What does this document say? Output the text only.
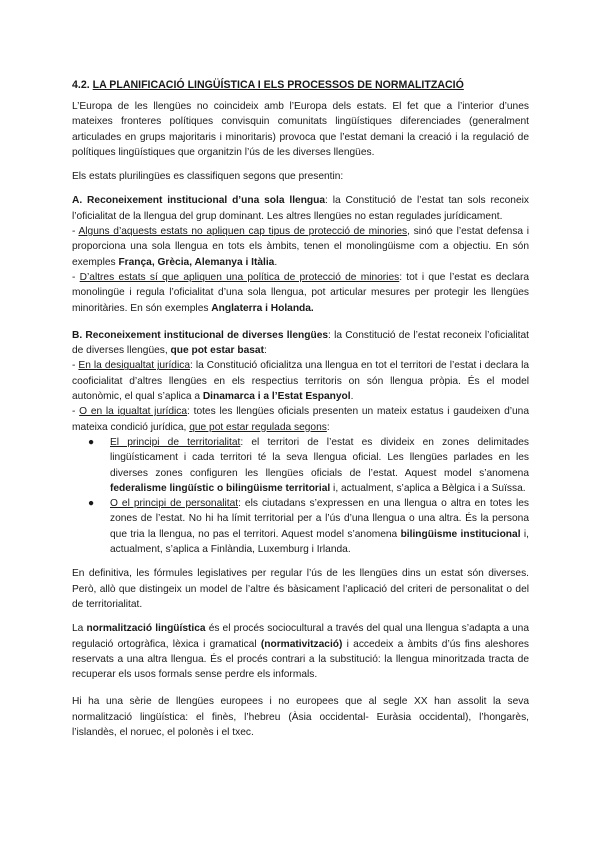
4.2. LA PLANIFICACIÓ LINGÜÍSTICA I ELS PROCESSOS DE NORMALITZACIÓ

L’Europa de les llengües no coincideix amb l’Europa dels estats. El fet que a l’interior d’unes mateixes fronteres polítiques convisquin comunitats lingüístiques diferenciades (generalment articulades en grups majoritaris i minoritaris) provoca que l’estat demani la creació i la regulació de polítiques lingüístiques que organitzin l’ús de les diverses llengües.

Els estats plurilingües es classifiquen segons que presentin:

A. Reconeixement institucional d’una sola llengua: la Constitució de l’estat tan sols reconeix l’oficialitat de la llengua del grup dominant. Les altres llengües no estan regulades jurídicament.

- Alguns d’aquests estats no apliquen cap tipus de protecció de minories, sinó que l’estat defensa i proporciona una sola llengua en tots els àmbits, tenen el monolingüisme com a objectiu. En són exemples França, Grècia, Alemanya i Itàlia.

- D’altres estats sí que apliquen una política de protecció de minories: tot i que l’estat es declara monolingüe i regula l’oficialitat d’una sola llengua, pot articular mesures per protegir les llengües minoritàries. En són exemples Anglaterra i Holanda.

B. Reconeixement institucional de diverses llengües: la Constitució de l’estat reconeix l’oficialitat de diverses llengües, que pot estar basat:

- En la desigualtat jurídica: la Constitució oficialitza una llengua en tot el territori de l’estat i declara la cooficialitat d’altres llengües en els respectius territoris on són llengua pròpia. És el model autonòmic, el qual s’aplica a Dinamarca i a l’Estat Espanyol.

- O en la igualtat jurídica: totes les llengües oficials presenten un mateix estatus i gaudeixen d’una mateixa condició jurídica, que pot estar regulada segons:

● El principi de territorialitat: el territori de l’estat es divideix en zones delimitades lingüísticament i cada territori té la seva llengua oficial. Les llengües parlades en les diverses zones configuren les llengües oficials de l’estat. Aquest model s’anomena federalisme lingüístic o bilingüisme territorial i, actualment, s’aplica a Bèlgica i a Suïssa.
● O el principi de personalitat: els ciutadans s’expressen en una llengua o altra en totes les zones de l’estat. No hi ha límit territorial per a l’ús d’una llengua o una altra. És la persona que tria la llengua, no pas el territori. Aquest model s’anomena bilingüisme institucional i, actualment, s’aplica a Finlàndia, Luxemburg i Irlanda.

En definitiva, les fórmules legislatives per regular l’ús de les llengües dins un estat són diverses. Però, allò que distingeix un model de l’altre és bàsicament l’aplicació del criteri de personalitat o del de territorialitat.

La normalització lingüística és el procés sociocultural a través del qual una llengua s’adapta a una regulació ortogràfica, lèxica i gramatical (normativització) i accedeix a àmbits d’ús fins aleshores reservats a una altra llengua. És el procés contrari a la substitució: la llengua minoritzada tracta de recuperar els usos formals sense perdre els informals.

Hi ha una sèrie de llengües europees i no europees que al segle XX han assolit la seva normalització lingüística: el finès, l’hebreu (Àsia occidental- Euràsia occidental), l’hongarès, l’islandès, el noruec, el polonès i el txec.
